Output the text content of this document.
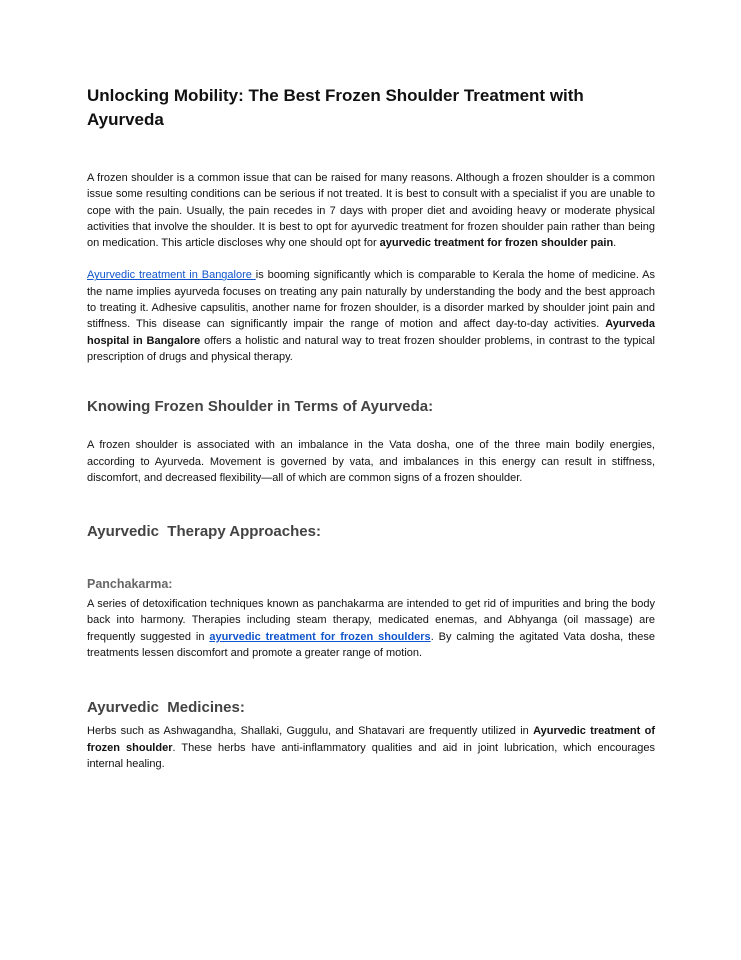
Unlocking Mobility: The Best Frozen Shoulder Treatment with Ayurveda

A frozen shoulder is a common issue that can be raised for many reasons. Although a frozen shoulder is a common issue some resulting conditions can be serious if not treated. It is best to consult with a specialist if you are unable to cope with the pain. Usually, the pain recedes in 7 days with proper diet and avoiding heavy or moderate physical activities that involve the shoulder. It is best to opt for ayurvedic treatment for frozen shoulder pain rather than being on medication. This article discloses why one should opt for ayurvedic treatment for frozen shoulder pain.

Ayurvedic treatment in Bangalore is booming significantly which is comparable to Kerala the home of medicine. As the name implies ayurveda focuses on treating any pain naturally by understanding the body and the best approach to treating it. Adhesive capsulitis, another name for frozen shoulder, is a disorder marked by shoulder joint pain and stiffness. This disease can significantly impair the range of motion and affect day-to-day activities. Ayurveda hospital in Bangalore offers a holistic and natural way to treat frozen shoulder problems, in contrast to the typical prescription of drugs and physical therapy.

Knowing Frozen Shoulder in Terms of Ayurveda:

A frozen shoulder is associated with an imbalance in the Vata dosha, one of the three main bodily energies, according to Ayurveda. Movement is governed by vata, and imbalances in this energy can result in stiffness, discomfort, and decreased flexibility—all of which are common signs of a frozen shoulder.

Ayurvedic  Therapy Approaches:
Panchakarma:

A series of detoxification techniques known as panchakarma are intended to get rid of impurities and bring the body back into harmony. Therapies including steam therapy, medicated enemas, and Abhyanga (oil massage) are frequently suggested in ayurvedic treatment for frozen shoulders. By calming the agitated Vata dosha, these treatments lessen discomfort and promote a greater range of motion.

Ayurvedic  Medicines:

Herbs such as Ashwagandha, Shallaki, Guggulu, and Shatavari are frequently utilized in Ayurvedic treatment of frozen shoulder. These herbs have anti-inflammatory qualities and aid in joint lubrication, which encourages internal healing.
